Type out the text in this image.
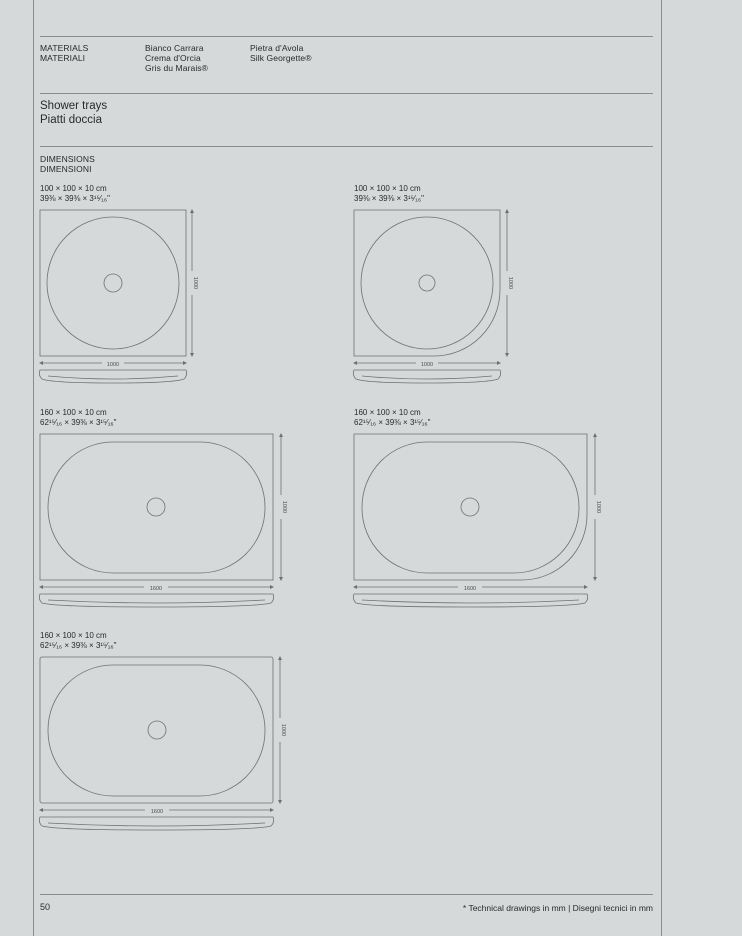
MATERIALS
MATERIALI
Bianco Carrara
Crema d'Orcia
Gris du Marais®
Pietra d'Avola
Silk Georgette®
Shower trays
Piatti doccia
DIMENSIONS
DIMENSIONI
100 × 100 × 10 cm
39⅜ × 39⅜ × 3¹⁵⁄₁₆"
1000
1000
100 × 100 × 10 cm
39⅜ × 39⅜ × 3¹⁵⁄₁₆"
1000
1000
160 × 100 × 10 cm
62¹⁵⁄₁₆ × 39⅜ × 3¹⁵⁄₁₆"
1600
1000
160 × 100 × 10 cm
62¹⁵⁄₁₆ × 39⅜ × 3¹⁵⁄₁₆"
1600
1000
160 × 100 × 10 cm
62¹⁵⁄₁₆ × 39⅜ × 3¹⁵⁄₁₆"
1600
1000
50	* Technical drawings in mm | Disegni tecnici in mm
